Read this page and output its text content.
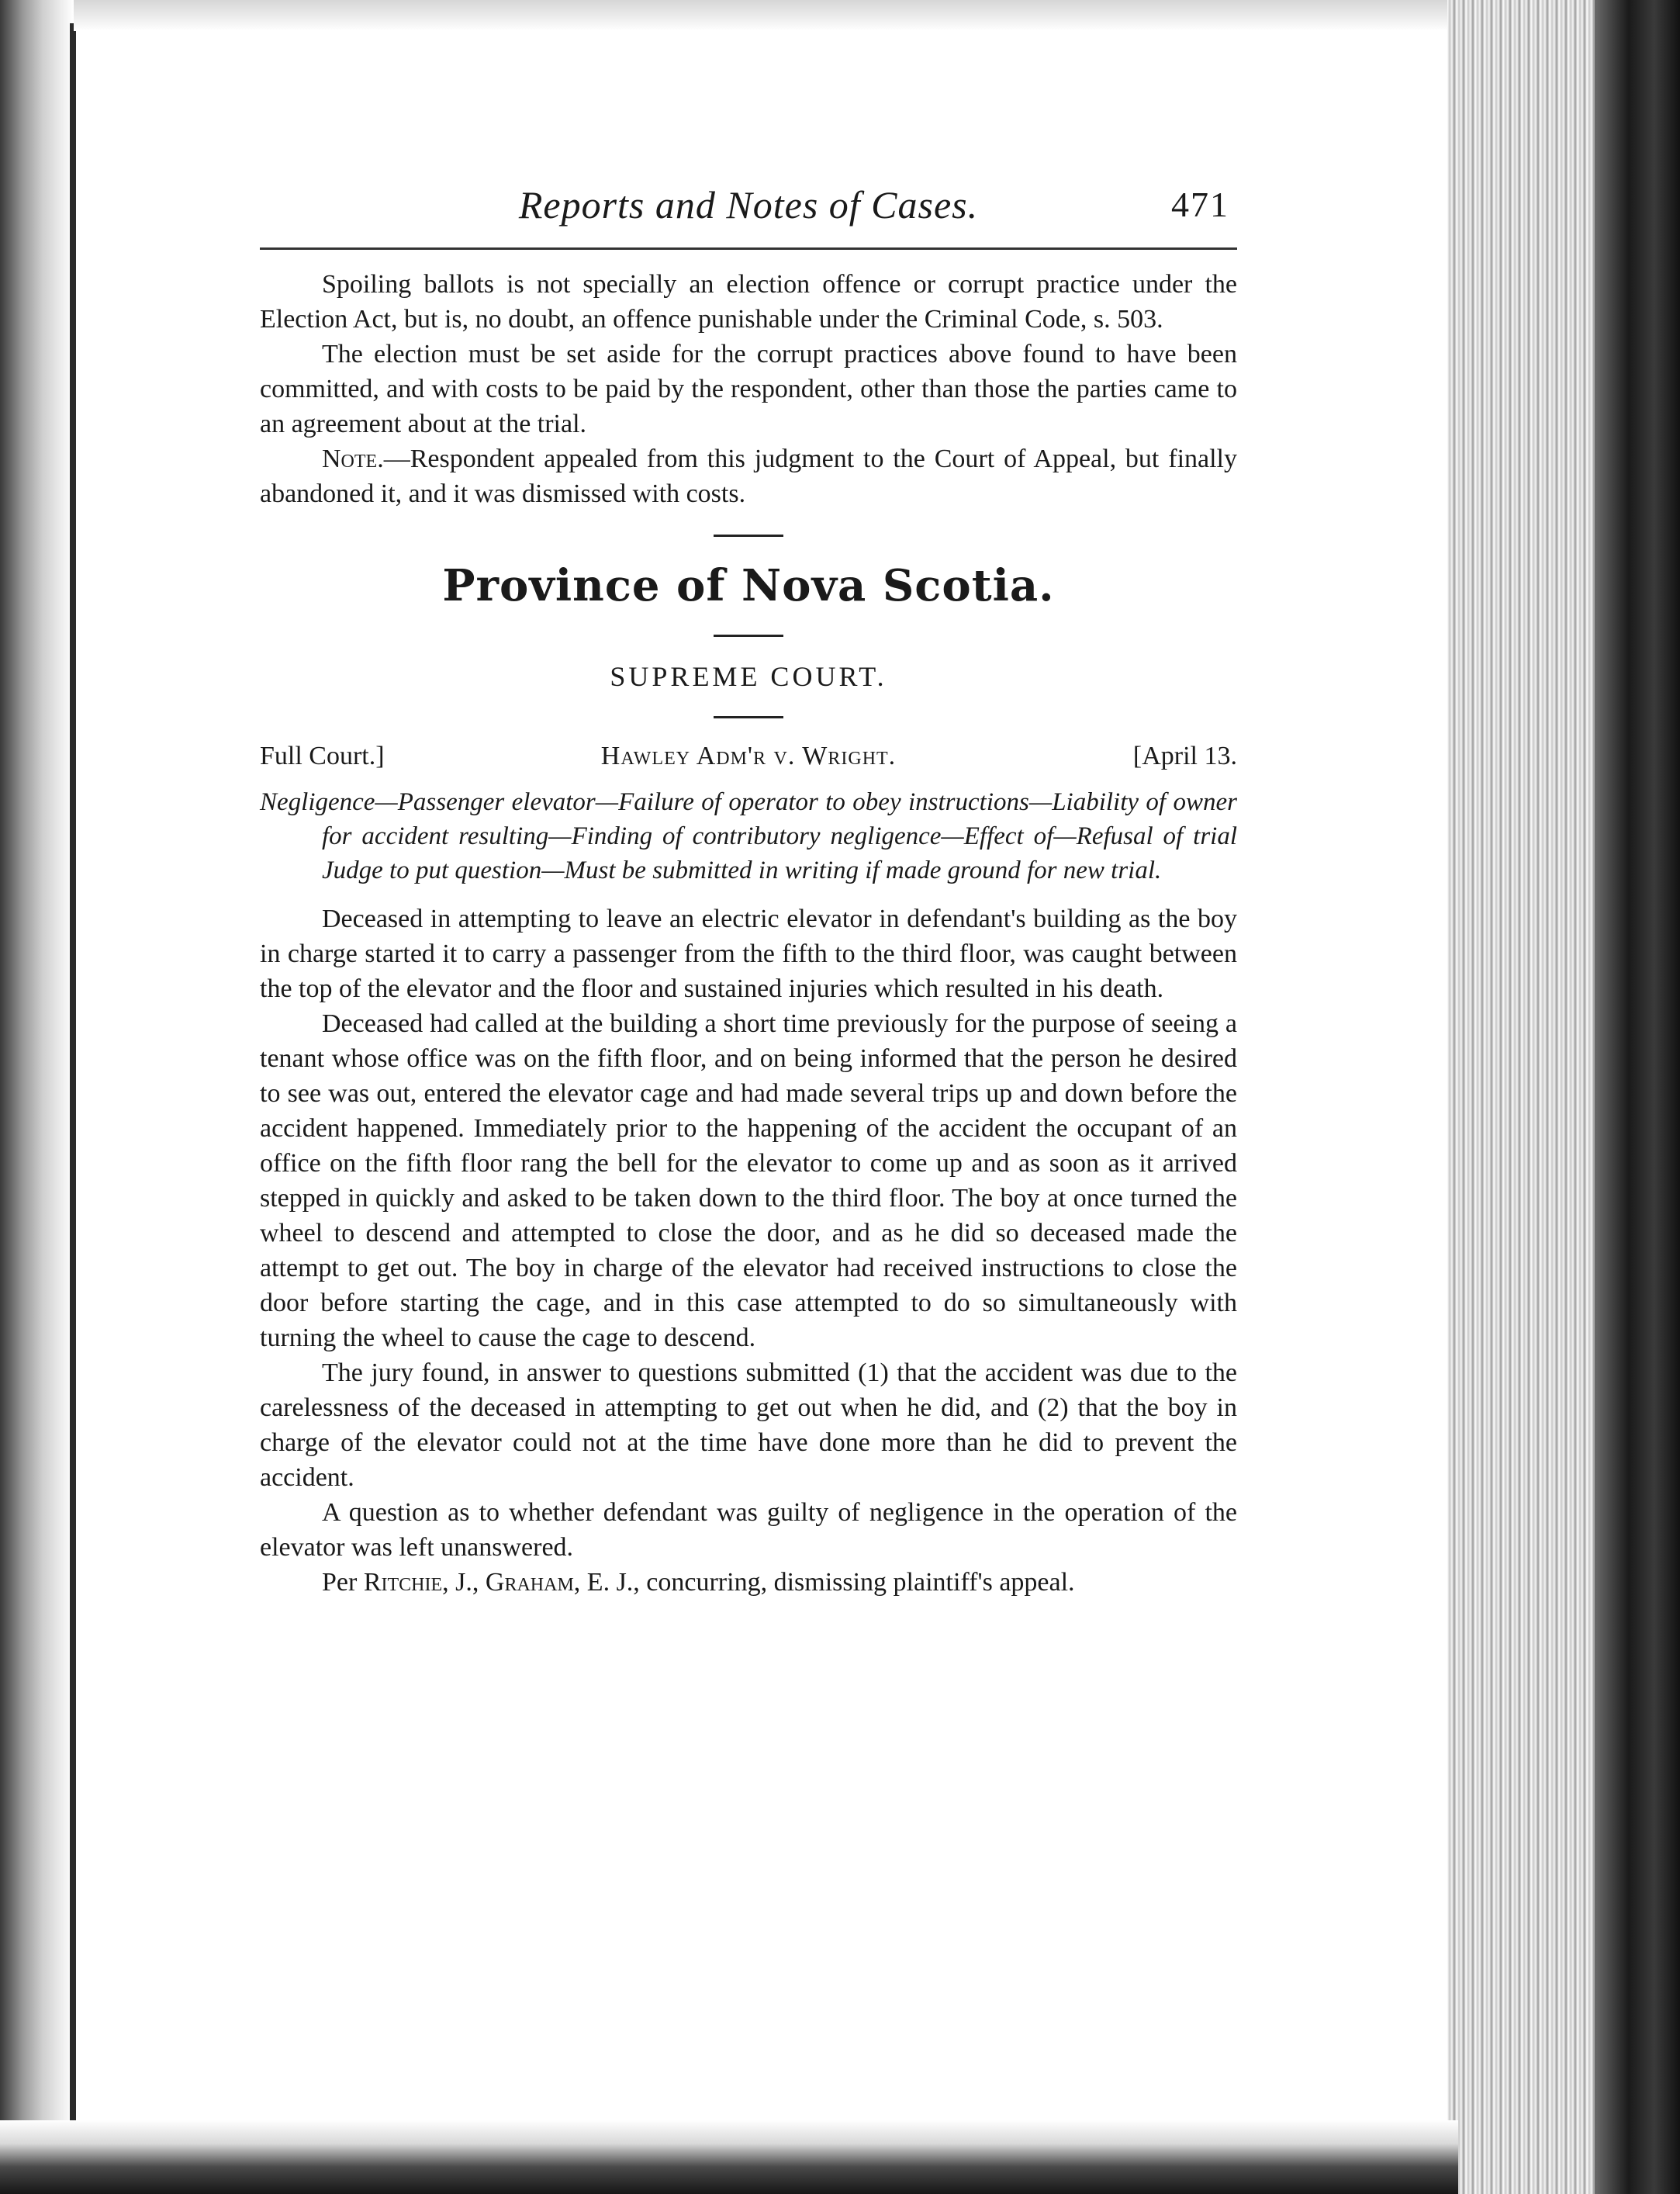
Reports and Notes of Cases.	471

Spoiling ballots is not specially an election offence or corrupt practice under the Election Act, but is, no doubt, an offence punishable under the Criminal Code, s. 503.

The election must be set aside for the corrupt practices above found to have been committed, and with costs to be paid by the respondent, other than those the parties came to an agreement about at the trial.

Note.—Respondent appealed from this judgment to the Court of Appeal, but finally abandoned it, and it was dismissed with costs.

Province of Nova Scotia.
SUPREME COURT.
Full Court.]	Hawley Adm'r v. Wright.	[April 13.
Negligence—Passenger elevator—Failure of operator to obey instructions—Liability of owner for accident resulting—Finding of contributory negligence—Effect of—Refusal of trial Judge to put question—Must be submitted in writing if made ground for new trial.

Deceased in attempting to leave an electric elevator in defendant's building as the boy in charge started it to carry a passenger from the fifth to the third floor, was caught between the top of the elevator and the floor and sustained injuries which resulted in his death.

Deceased had called at the building a short time previously for the purpose of seeing a tenant whose office was on the fifth floor, and on being informed that the person he desired to see was out, entered the elevator cage and had made several trips up and down before the accident happened. Immediately prior to the happening of the accident the occupant of an office on the fifth floor rang the bell for the elevator to come up and as soon as it arrived stepped in quickly and asked to be taken down to the third floor. The boy at once turned the wheel to descend and attempted to close the door, and as he did so deceased made the attempt to get out. The boy in charge of the elevator had received instructions to close the door before starting the cage, and in this case attempted to do so simultaneously with turning the wheel to cause the cage to descend.

The jury found, in answer to questions submitted (1) that the accident was due to the carelessness of the deceased in attempting to get out when he did, and (2) that the boy in charge of the elevator could not at the time have done more than he did to prevent the accident.

A question as to whether defendant was guilty of negligence in the operation of the elevator was left unanswered.

Per Ritchie, J., Graham, E. J., concurring, dismissing plaintiff's appeal.
